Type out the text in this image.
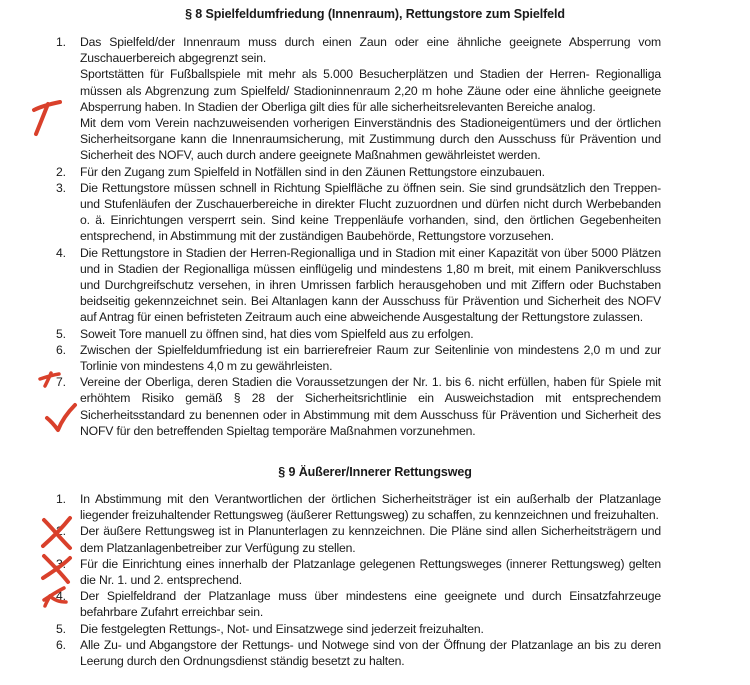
§ 8 Spielfeldumfriedung (Innenraum), Rettungstore zum Spielfeld
1. Das Spielfeld/der Innenraum muss durch einen Zaun oder eine ähnliche geeignete Absperrung vom Zuschauerbereich abgegrenzt sein.

Sportstätten für Fußballspiele mit mehr als 5.000 Besucherplätzen und Stadien der Herren- Regionalliga müssen als Abgrenzung zum Spielfeld/ Stadioninnenraum 2,20 m hohe Zäune oder eine ähnliche geeignete Absperrung haben. In Stadien der Oberliga gilt dies für alle sicherheitsrelevanten Bereiche analog.

Mit dem vom Verein nachzuweisenden vorherigen Einverständnis des Stadioneigentümers und der örtlichen Sicherheitsorgane kann die Innenraumsicherung, mit Zustimmung durch den Ausschuss für Prävention und Sicherheit des NOFV, auch durch andere geeignete Maßnahmen gewährleistet werden.

2. Für den Zugang zum Spielfeld in Notfällen sind in den Zäunen Rettungstore einzubauen.

3. Die Rettungstore müssen schnell in Richtung Spielfläche zu öffnen sein. Sie sind grundsätzlich den Treppen- und Stufenläufen der Zuschauerbereiche in direkter Flucht zuzuordnen und dürfen nicht durch Werbebanden o. ä. Einrichtungen versperrt sein. Sind keine Treppenläufe vorhanden, sind, den örtlichen Gegebenheiten entsprechend, in Abstimmung mit der zuständigen Baubehörde, Rettungstore vorzusehen.

4. Die Rettungstore in Stadien der Herren-Regionalliga und in Stadion mit einer Kapazität von über 5000 Plätzen und in Stadien der Regionalliga müssen einflügelig und mindestens 1,80 m breit, mit einem Panikverschluss und Durchgreifschutz versehen, in ihren Umrissen farblich herausgehoben und mit Ziffern oder Buchstaben beidseitig gekennzeichnet sein. Bei Altanlagen kann der Ausschuss für Prävention und Sicherheit des NOFV auf Antrag für einen befristeten Zeitraum auch eine abweichende Ausgestaltung der Rettungstore zulassen.

5. Soweit Tore manuell zu öffnen sind, hat dies vom Spielfeld aus zu erfolgen.

6. Zwischen der Spielfeldumfriedung ist ein barrierefreier Raum zur Seitenlinie von mindestens 2,0 m und zur Torlinie von mindestens 4,0 m zu gewährleisten.

7. Vereine der Oberliga, deren Stadien die Voraussetzungen der Nr. 1. bis 6. nicht erfüllen, haben für Spiele mit erhöhtem Risiko gemäß § 28 der Sicherheitsrichtlinie ein Ausweichstadion mit entsprechendem Sicherheitsstandard zu benennen oder in Abstimmung mit dem Ausschuss für Prävention und Sicherheit des NOFV für den betreffenden Spieltag temporäre Maßnahmen vorzunehmen.

§ 9 Äußerer/Innerer Rettungsweg
1. In Abstimmung mit den Verantwortlichen der örtlichen Sicherheitsträger ist ein außerhalb der Platzanlage liegender freizuhaltender Rettungsweg (äußerer Rettungsweg) zu schaffen, zu kennzeichnen und freizuhalten.

2. Der äußere Rettungsweg ist in Planunterlagen zu kennzeichnen. Die Pläne sind allen Sicherheitsträgern und dem Platzanlagenbetreiber zur Verfügung zu stellen.

3. Für die Einrichtung eines innerhalb der Platzanlage gelegenen Rettungsweges (innerer Rettungsweg) gelten die Nr. 1. und 2. entsprechend.

4. Der Spielfeldrand der Platzanlage muss über mindestens eine geeignete und durch Einsatzfahrzeuge befahrbare Zufahrt erreichbar sein.

5. Die festgelegten Rettungs-, Not- und Einsatzwege sind jederzeit freizuhalten.

6. Alle Zu- und Abgangstore der Rettungs- und Notwege sind von der Öffnung der Platzanlage an bis zu deren Leerung durch den Ordnungsdienst ständig besetzt zu halten.
